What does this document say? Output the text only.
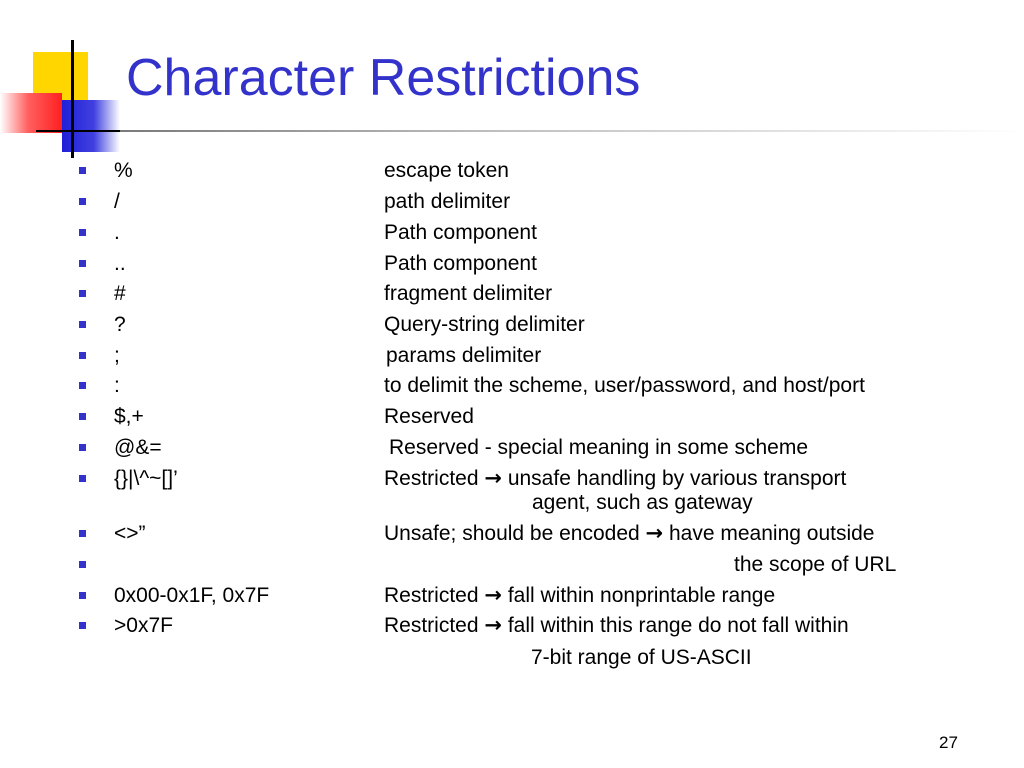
Character Restrictions
%	escape token
/	path delimiter
.	Path component
..	Path component
#	fragment delimiter
?	Query-string delimiter
;	params delimiter
:	to delimit the scheme, user/password, and host/port
$,+	Reserved
@&=	Reserved - special meaning in some scheme
{}|\^~[]’	Restricted → unsafe handling by various transport
agent, such as gateway
<>”	Unsafe; should be encoded → have meaning outside
the scope of URL
0x00-0x1F, 0x7F	Restricted → fall within nonprintable range
>0x7F	Restricted → fall within this range do not fall within
7-bit range of US-ASCII
27
